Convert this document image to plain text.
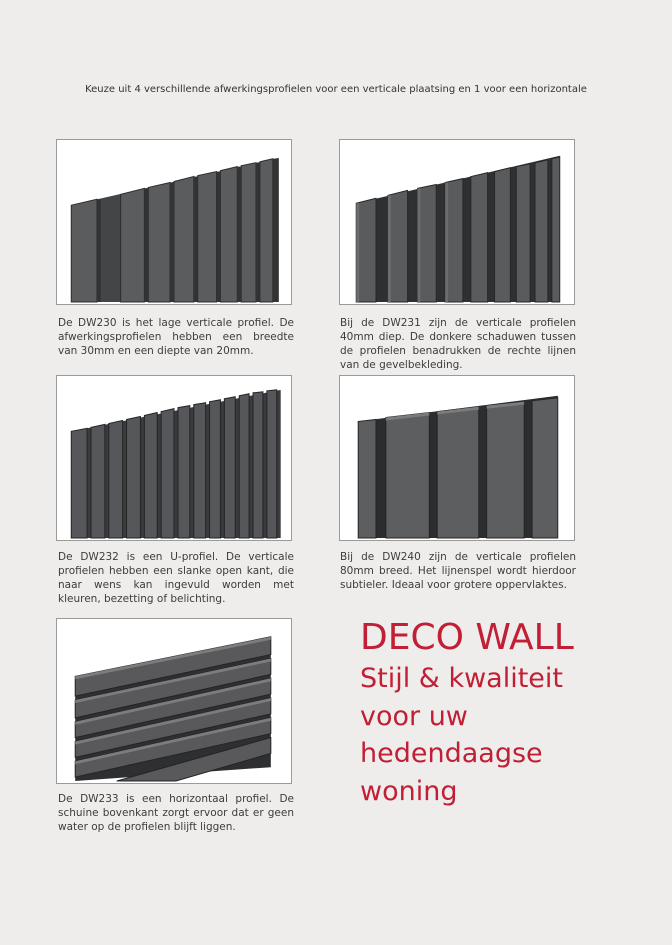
Keuze uit 4 verschillende afwerkingsprofielen voor een verticale plaatsing en 1 voor een horizontale
De DW230 is het lage verticale profiel. De afwerkingsprofielen hebben een breedte van 30mm en een diepte van 20mm.
Bij de DW231 zijn de verticale profielen 40mm diep. De donkere schaduwen tussen de profielen benadrukken de rechte lijnen van de gevelbekleding.
De DW232 is een U-profiel. De verticale profielen hebben een slanke open kant, die naar wens kan ingevuld worden met kleuren, bezetting of belichting.
Bij de DW240 zijn de verticale profielen 80mm breed. Het lijnenspel wordt hierdoor subtieler. Ideaal voor grotere oppervlaktes.
De DW233 is een horizontaal profiel. De schuine bovenkant zorgt ervoor dat er geen water op de profielen blijft liggen.
DECO WALL
Stijl & kwaliteit
voor uw
hedendaagse
woning
